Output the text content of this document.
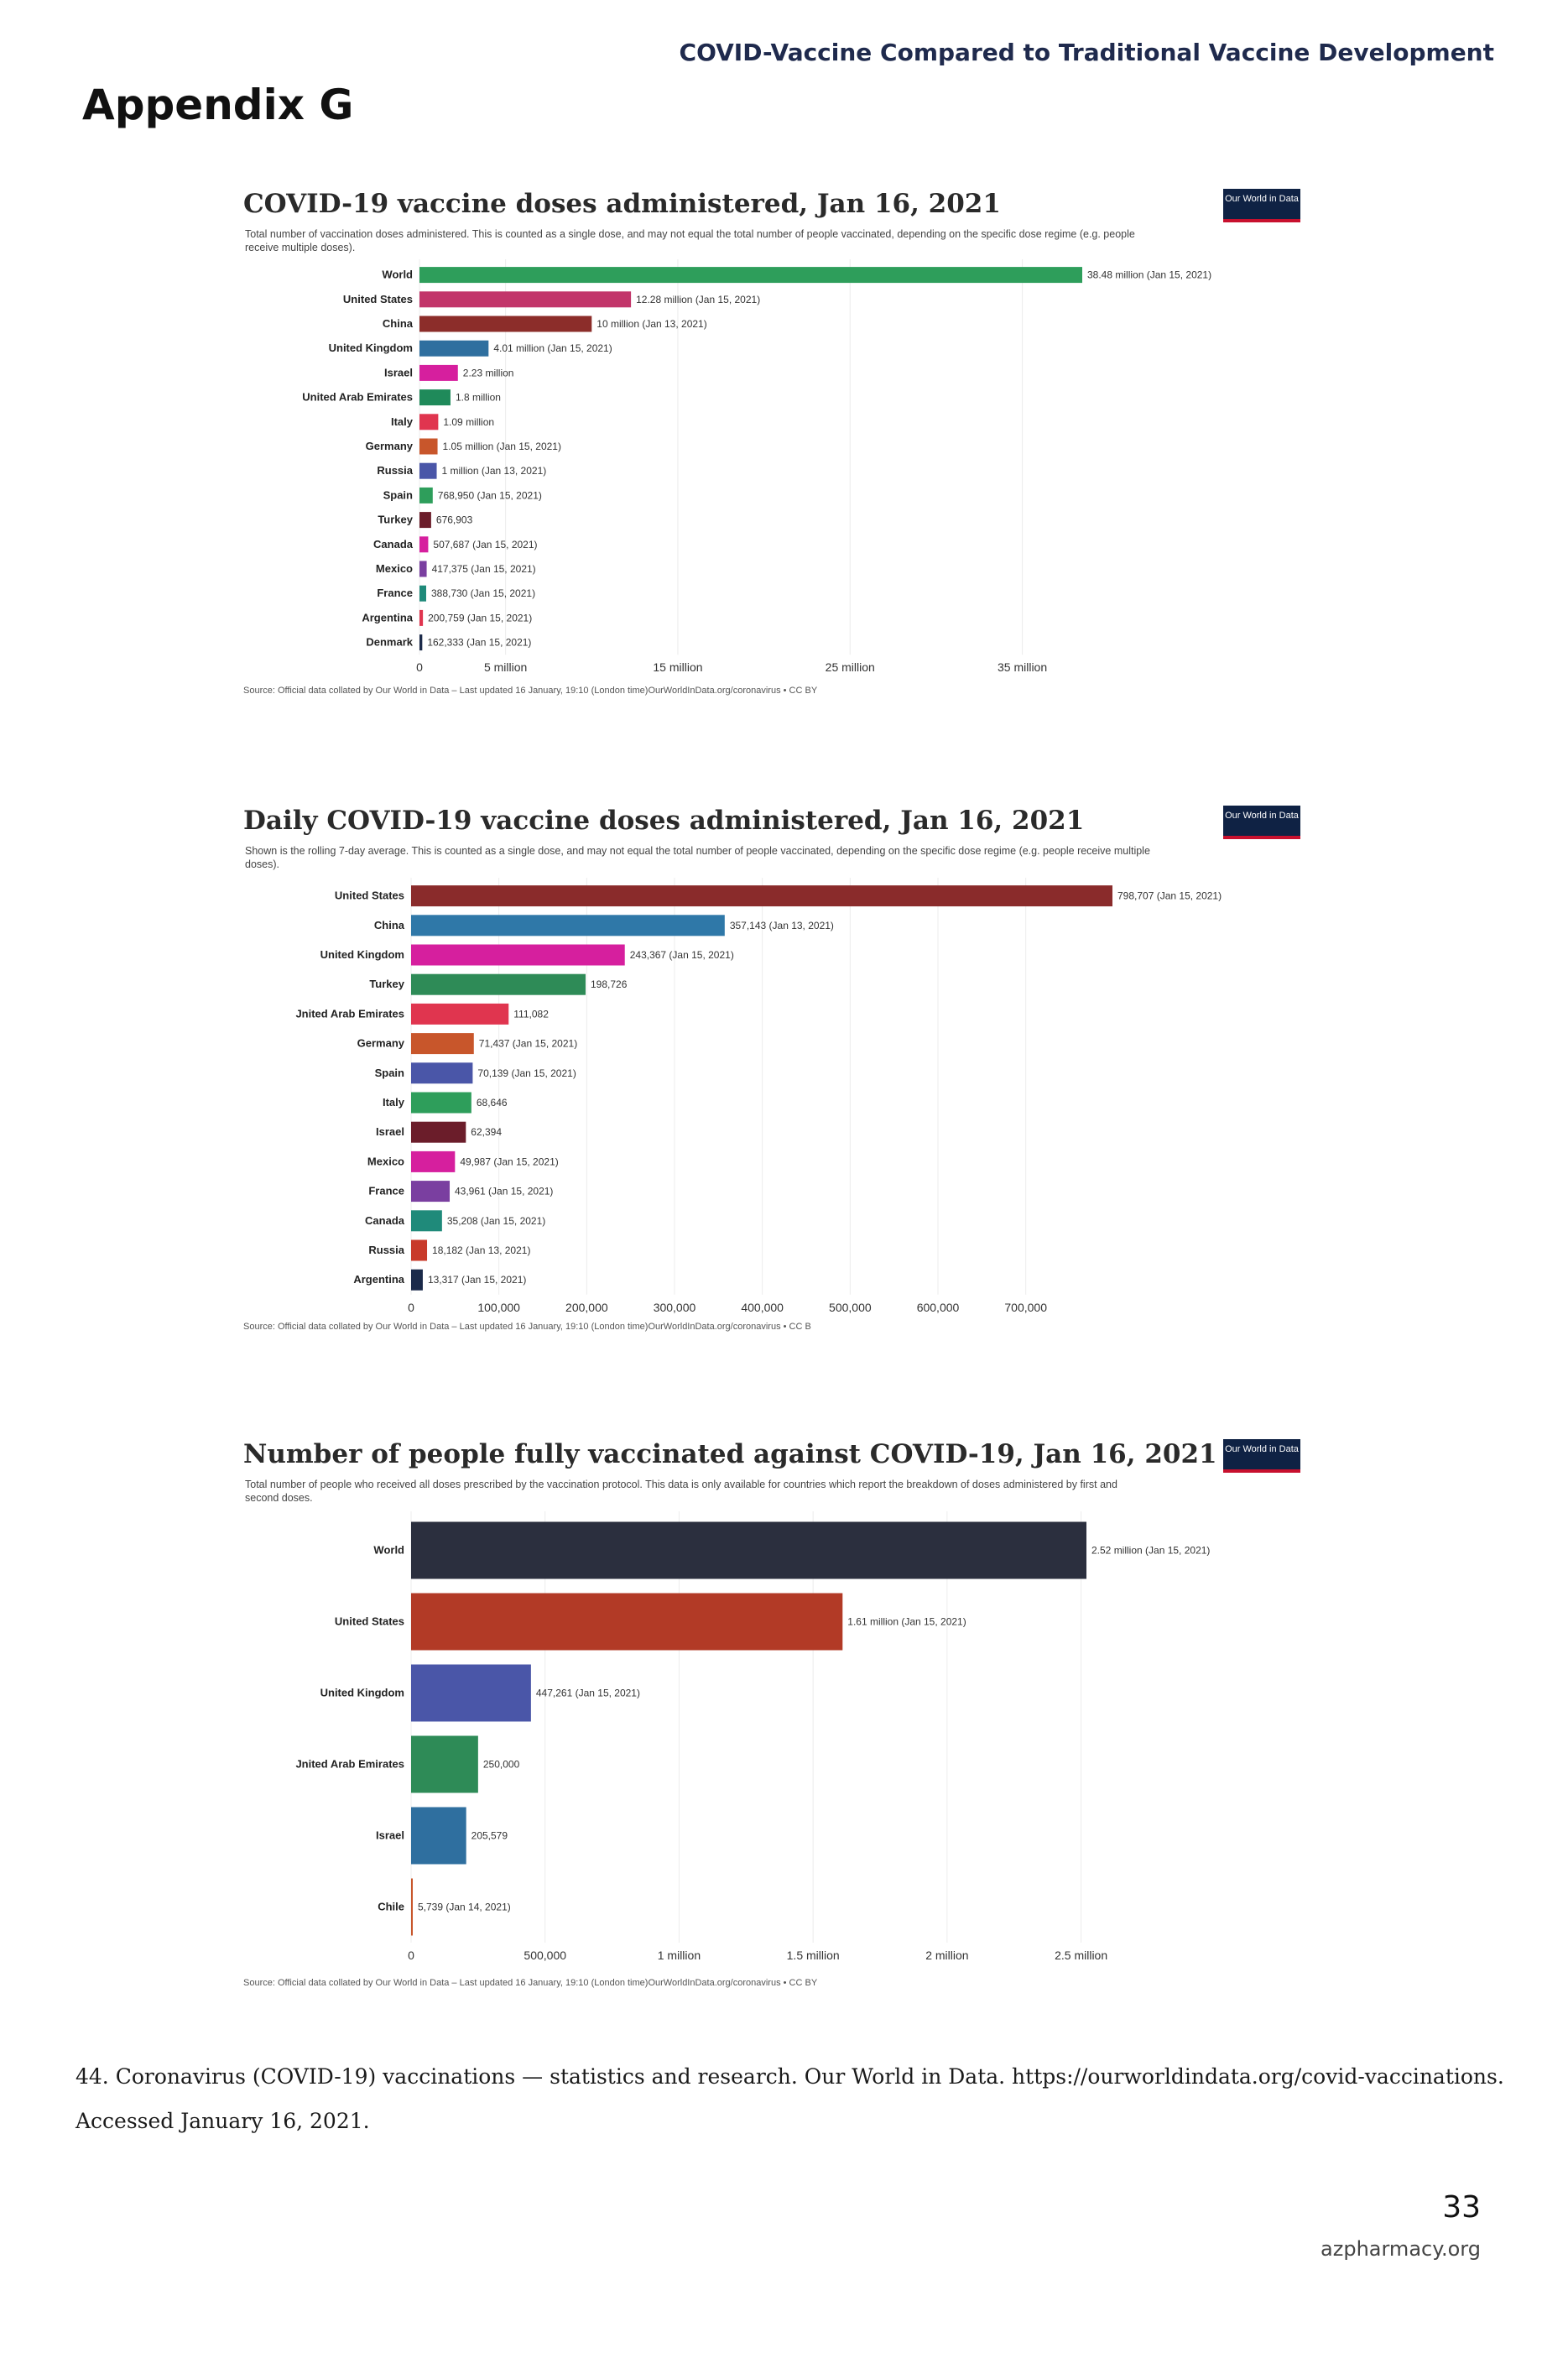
COVID-Vaccine Compared to Traditional Vaccine Development
Appendix G
COVID-19 vaccine doses administered, Jan 16, 2021
Total number of vaccination doses administered. This is counted as a single dose, and may not equal the total number of people vaccinated, depending on the specific dose regime (e.g. people receive multiple doses).
Our World in Data
World	38.48 million (Jan 15, 2021)
United States	12.28 million (Jan 15, 2021)
China	10 million (Jan 13, 2021)
United Kingdom	4.01 million (Jan 15, 2021)
Israel	2.23 million
United Arab Emirates	1.8 million
Italy	1.09 million
Germany	1.05 million (Jan 15, 2021)
Russia	1 million (Jan 13, 2021)
Spain 768,950 (Jan 15, 2021)
Turkey 676,903
Canada 507,687 (Jan 15, 2021)
Mexico 417,375 (Jan 15, 2021)
France 388,730 (Jan 15, 2021)
Argentina 200,759 (Jan 15, 2021)
Denmark 162,333 (Jan 15, 2021)
0	5 million	15 million	25 million	35 million
Source: Official data collated by Our World in Data – Last updated 16 January, 19:10 (London time)OurWorldInData.org/coronavirus • CC BY
Daily COVID-19 vaccine doses administered, Jan 16, 2021
Shown is the rolling 7-day average. This is counted as a single dose, and may not equal the total number of people vaccinated, depending on the specific dose regime (e.g. people receive multiple doses).
Our World in Data
United States	798,707 (Jan 15, 2021)
China	357,143 (Jan 13, 2021)
United Kingdom	243,367 (Jan 15, 2021)
Turkey	198,726
Jnited Arab Emirates	111,082
Germany	71,437 (Jan 15, 2021)
Spain	70,139 (Jan 15, 2021)
Italy	68,646
Israel	62,394
Mexico	49,987 (Jan 15, 2021)
France	43,961 (Jan 15, 2021)
Canada	35,208 (Jan 15, 2021)
Russia	18,182 (Jan 13, 2021)
Argentina 13,317 (Jan 15, 2021)
0	100,000	200,000	300,000	400,000	500,000	600,000	700,000
Source: Official data collated by Our World in Data – Last updated 16 January, 19:10 (London time)OurWorldInData.org/coronavirus • CC B
Number of people fully vaccinated against COVID-19, Jan 16, 2021
Total number of people who received all doses prescribed by the vaccination protocol. This data is only available for countries which report the breakdown of doses administered by first and second doses.
Our World in Data
World	2.52 million (Jan 15, 2021)
United States	1.61 million (Jan 15, 2021)
United Kingdom	447,261 (Jan 15, 2021)
Jnited Arab Emirates	250,000
Israel	205,579
Chile 5,739 (Jan 14, 2021)
0	500,000	1 million	1.5 million	2 million	2.5 million
Source: Official data collated by Our World in Data – Last updated 16 January, 19:10 (London time)OurWorldInData.org/coronavirus • CC BY
44. Coronavirus (COVID-19) vaccinations — statistics and research. Our World in Data. https://ourworldindata.org/covid-vaccinations. Accessed January 16, 2021.
33
azpharmacy.org
